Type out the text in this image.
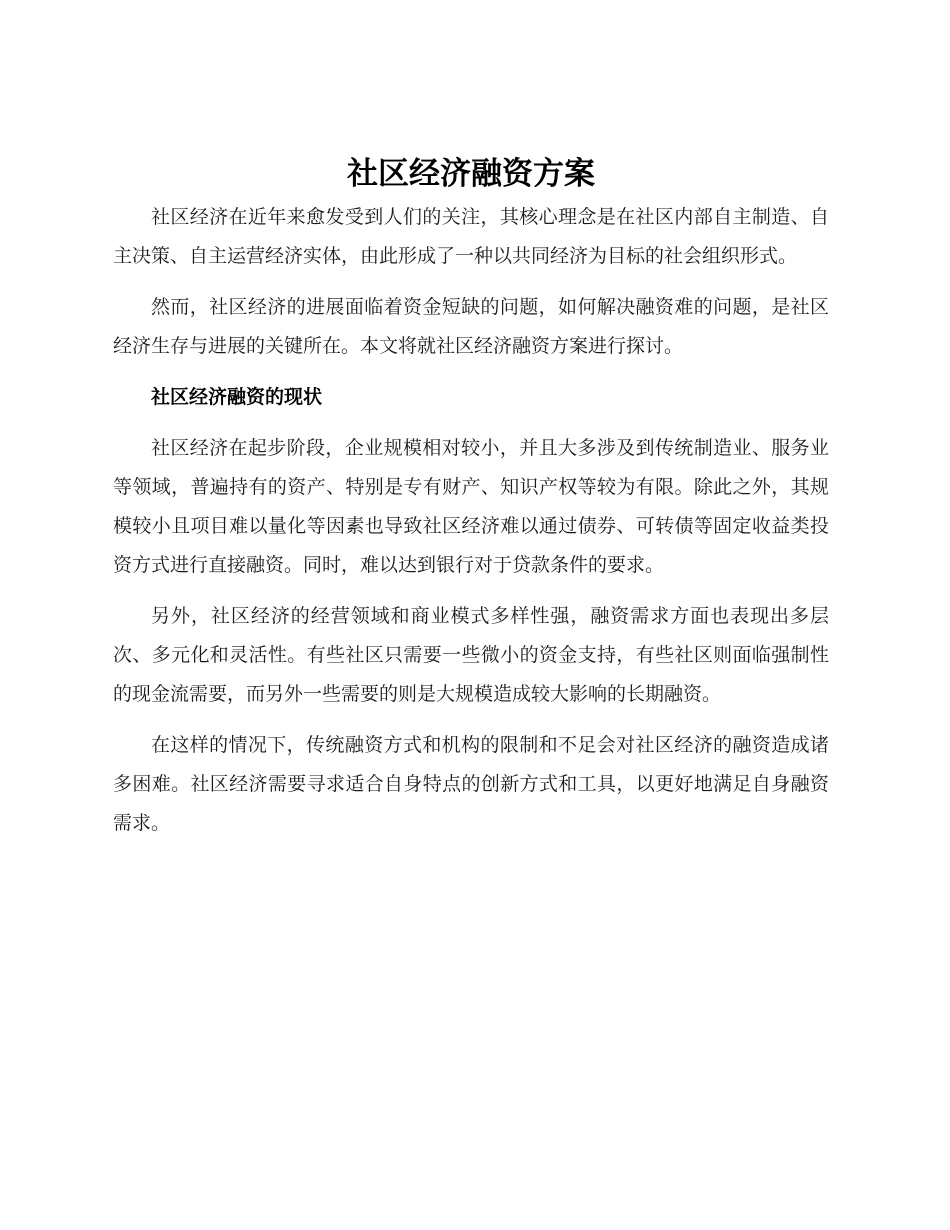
社区经济融资方案

社区经济在近年来愈发受到人们的关注，其核心理念是在社区内部自主制造、自主决策、自主运营经济实体，由此形成了一种以共同经济为目标的社会组织形式。

然而，社区经济的进展面临着资金短缺的问题，如何解决融资难的问题，是社区经济生存与进展的关键所在。本文将就社区经济融资方案进行探讨。

社区经济融资的现状

社区经济在起步阶段，企业规模相对较小，并且大多涉及到传统制造业、服务业等领域，普遍持有的资产、特别是专有财产、知识产权等较为有限。除此之外，其规模较小且项目难以量化等因素也导致社区经济难以通过债券、可转债等固定收益类投资方式进行直接融资。同时，难以达到银行对于贷款条件的要求。

另外，社区经济的经营领域和商业模式多样性强，融资需求方面也表现出多层次、多元化和灵活性。有些社区只需要一些微小的资金支持，有些社区则面临强制性的现金流需要，而另外一些需要的则是大规模造成较大影响的长期融资。

在这样的情况下，传统融资方式和机构的限制和不足会对社区经济的融资造成诸多困难。社区经济需要寻求适合自身特点的创新方式和工具，以更好地满足自身融资需求。
